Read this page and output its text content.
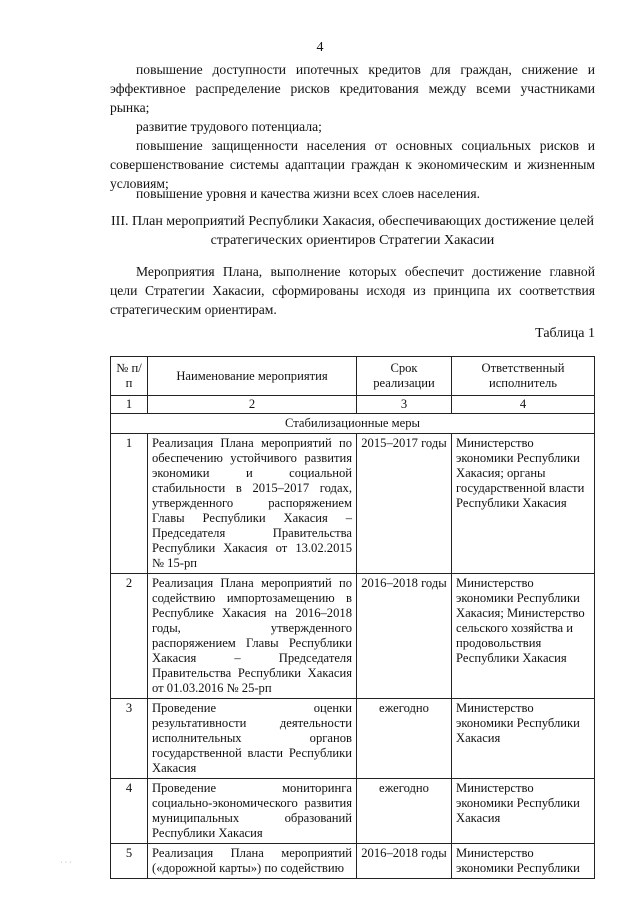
4

повышение доступности ипотечных кредитов для граждан, снижение и эффективное распределение рисков кредитования между всеми участниками рынка;

развитие трудового потенциала;

повышение защищенности населения от основных социальных рисков и совершенствование системы адаптации граждан к экономическим и жизненным условиям;

повышение уровня и качества жизни всех слоев населения.

III. План мероприятий Республики Хакасия, обеспечивающих достижение целей стратегических ориентиров Стратегии Хакасии
Мероприятия Плана, выполнение которых обеспечит достижение главной цели Стратегии Хакасии, сформированы исходя из принципа их соответствия стратегическим ориентирам.
Таблица 1
№ п/п	Наименование мероприятия	Срок реализации	Ответственный исполнитель
1	2	3	4
Стабилизационные меры			
1	Реализация Плана мероприятий по обеспечению устойчивого развития экономики и социальной стабильности в 2015–2017 годах, утвержденного распоряжением Главы Республики Хакасия – Председателя Правительства Республики Хакасия от 13.02.2015 № 15-рп	2015–2017 годы	Министерство экономики Республики Хакасия; органы государственной власти Республики Хакасия
2	Реализация Плана мероприятий по содействию импортозамещению в Республике Хакасия на 2016–2018 годы, утвержденного распоряжением Главы Республики Хакасия – Председателя Правительства Республики Хакасия от 01.03.2016 № 25-рп	2016–2018 годы	Министерство экономики Республики Хакасия; Министерство сельского хозяйства и продовольствия Республики Хакасия
3	Проведение оценки результативности деятельности исполнительных органов государственной власти Республики Хакасия	ежегодно	Министерство экономики Республики Хакасия
4	Проведение мониторинга социально-экономического развития муниципальных образований Республики Хакасия	ежегодно	Министерство экономики Республики Хакасия
5	Реализация Плана мероприятий («дорожной карты») по содействию	2016–2018 годы	Министерство экономики Республики
˙ ˙ ˙
